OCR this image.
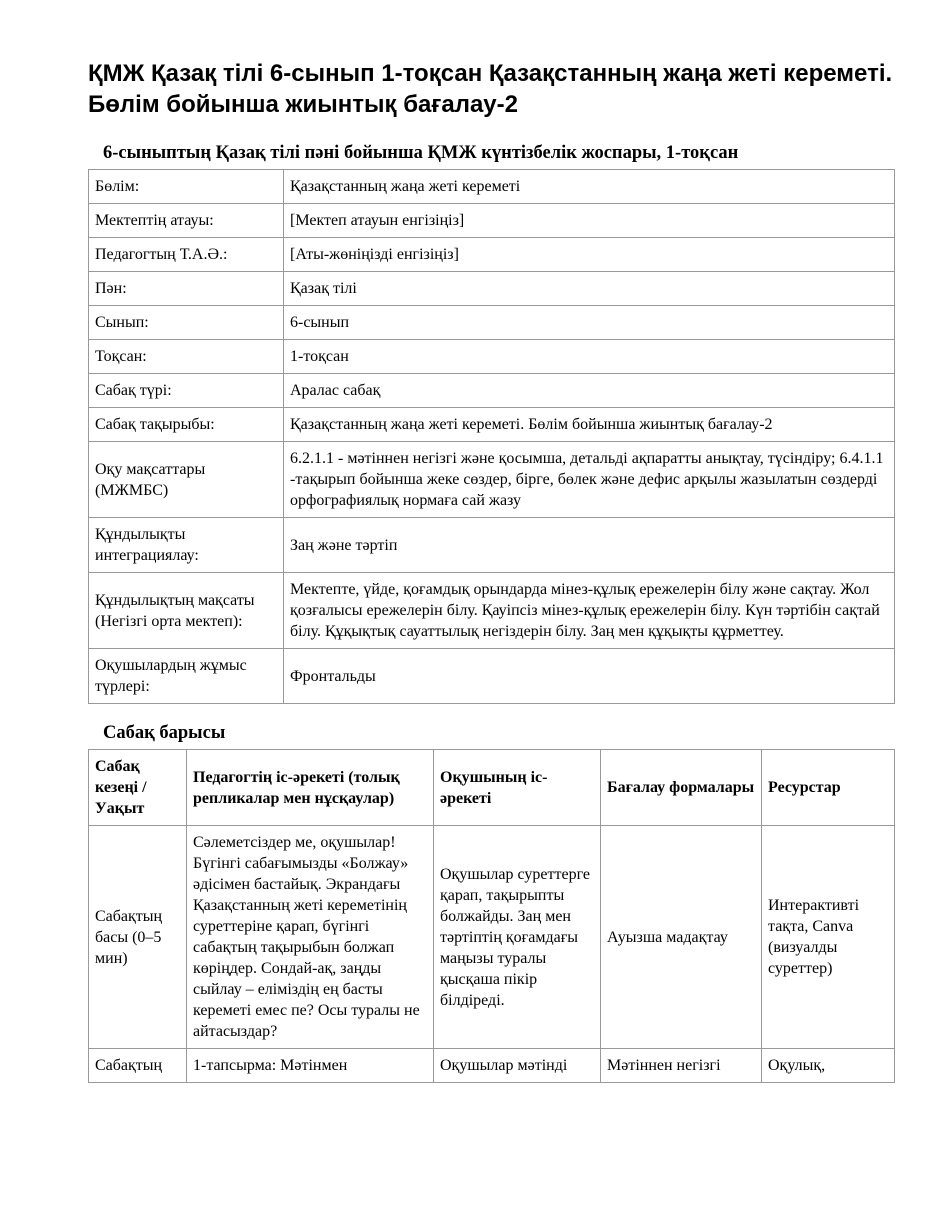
ҚМЖ Қазақ тілі 6-сынып 1-тоқсан Қазақстанның жаңа жеті кереметі. Бөлім бойынша жиынтық бағалау-2
6-сыныптың Қазақ тілі пәні бойынша ҚМЖ күнтізбелік жоспары, 1-тоқсан
Бөлім:	Қазақстанның жаңа жеті кереметі
Мектептің атауы:	[Мектеп атауын енгізіңіз]
Педагогтың Т.А.Ә.:	[Аты-жөніңізді енгізіңіз]
Пән:	Қазақ тілі
Сынып:	6-сынып
Тоқсан:	1-тоқсан
Сабақ түрі:	Аралас сабақ
Сабақ тақырыбы:	Қазақстанның жаңа жеті кереметі. Бөлім бойынша жиынтық бағалау-2
Оқу мақсаттары (МЖМБС)	6.2.1.1 - мәтіннен негізгі және қосымша, детальді ақпаратты анықтау, түсіндіру; 6.4.1.1 -тақырып бойынша жеке сөздер, бірге, бөлек және дефис арқылы жазылатын сөздерді орфографиялық нормаға сай жазу
Құндылықты интеграциялау:	Заң және тәртіп
Құндылықтың мақсаты (Негізгі орта мектеп):	Мектепте, үйде, қоғамдық орындарда мінез-құлық ережелерін білу және сақтау. Жол қозғалысы ережелерін білу. Қауіпсіз мінез-құлық ережелерін білу. Күн тәртібін сақтай білу. Құқықтық сауаттылық негіздерін білу. Заң мен құқықты құрметтеу.
Оқушылардың жұмыс түрлері:	Фронтальды
Сабақ барысы
Сабақ кезеңі / Уақыт	Педагогтің іс-әрекеті (толық репликалар мен нұсқаулар)	Оқушының іс-әрекеті	Бағалау формалары	Ресурстар
Сабақтың басы (0–5 мин)	Сәлеметсіздер ме, оқушылар! Бүгінгі сабағымызды «Болжау» әдісімен бастайық. Экрандағы Қазақстанның жеті кереметінің суреттеріне қарап, бүгінгі сабақтың тақырыбын болжап көріңдер. Сондай-ақ, заңды сыйлау – еліміздің ең басты кереметі емес пе? Осы туралы не айтасыздар?	Оқушылар суреттерге қарап, тақырыпты болжайды. Заң мен тәртіптің қоғамдағы маңызы туралы қысқаша пікір білдіреді.	Ауызша мадақтау	Интерактивті тақта, Canva (визуалды суреттер)
Сабақтың	1-тапсырма: Мәтінмен	Оқушылар мәтінді	Мәтіннен негізгі	Оқулық,
